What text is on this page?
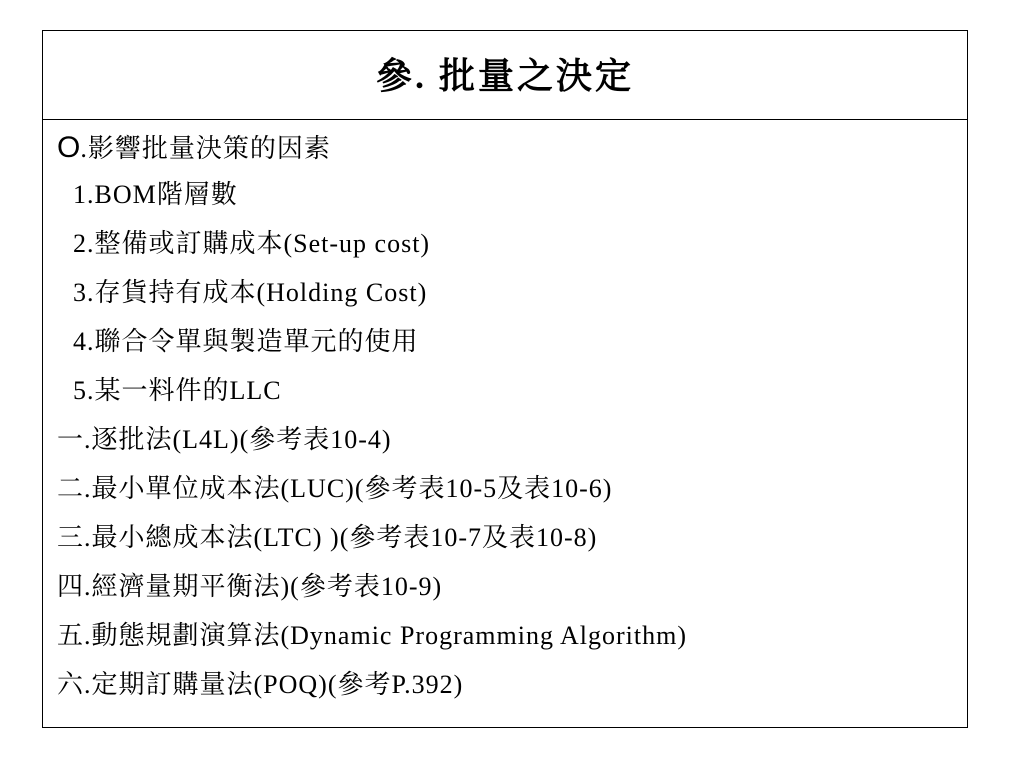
參. 批量之決定
O.影響批量決策的因素
1.BOM階層數
2.整備或訂購成本(Set-up cost)
3.存貨持有成本(Holding Cost)
4.聯合令單與製造單元的使用
5.某一料件的LLC
一.逐批法(L4L)(參考表10-4)
二.最小單位成本法(LUC)(參考表10-5及表10-6)
三.最小總成本法(LTC) )(參考表10-7及表10-8)
四.經濟量期平衡法)(參考表10-9)
五.動態規劃演算法(Dynamic Programming Algorithm)
六.定期訂購量法(POQ)(參考P.392)
